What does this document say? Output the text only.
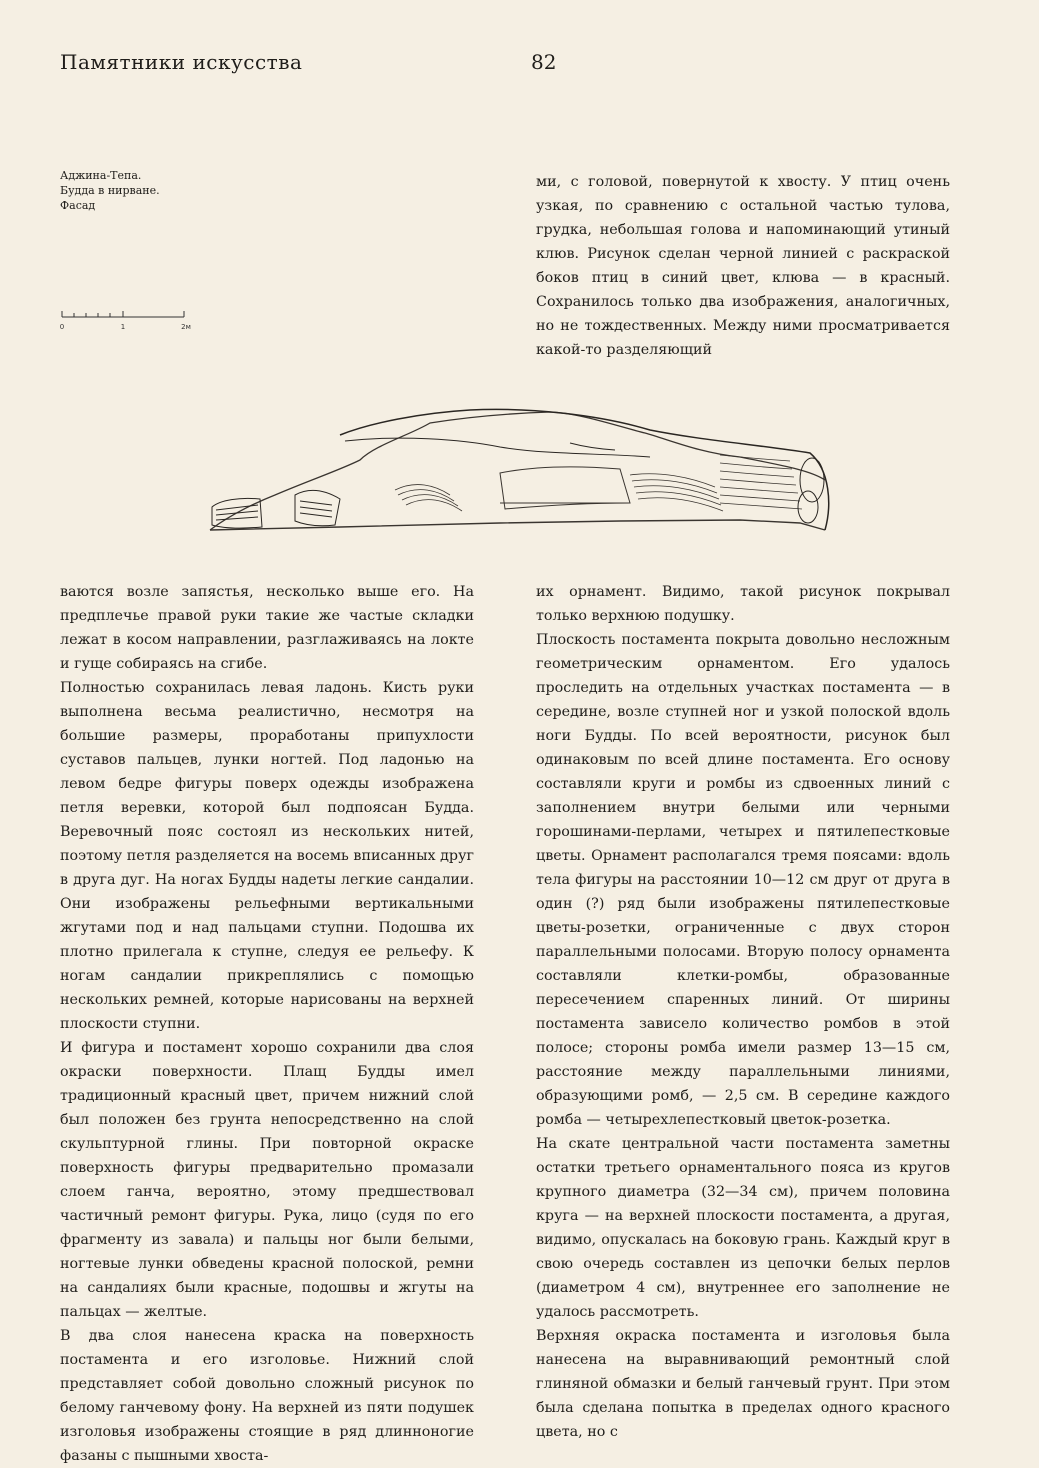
Памятники искусства	82
Аджина-Тепа.
Будда в нирване.
Фасад
0	1	2м

ми, с головой, повернутой к хвосту. У птиц очень узкая, по сравнению с остальной частью тулова, грудка, небольшая голова и напоминающий утиный клюв. Рисунок сделан черной линией с раскраской боков птиц в синий цвет, клюва — в красный. Сохранилось только два изображения, аналогичных, но не тождественных. Между ними просматривается какой-то разделяющий

ваются возле запястья, несколько выше его. На предплечье правой руки такие же частые складки лежат в косом направлении, разглаживаясь на локте и гуще собираясь на сгибе.

Полностью сохранилась левая ладонь. Кисть руки выполнена весьма реалистично, несмотря на большие размеры, проработаны припухлости суставов пальцев, лунки ногтей. Под ладонью на левом бедре фигуры поверх одежды изображена петля веревки, которой был подпоясан Будда. Веревочный пояс состоял из нескольких нитей, поэтому петля разделяется на восемь вписанных друг в друга дуг. На ногах Будды надеты легкие сандалии. Они изображены рельефными вертикальными жгутами под и над пальцами ступни. Подошва их плотно прилегала к ступне, следуя ее рельефу. К ногам сандалии прикреплялись с помощью нескольких ремней, которые нарисованы на верхней плоскости ступни.

И фигура и постамент хорошо сохранили два слоя окраски поверхности. Плащ Будды имел традиционный красный цвет, причем нижний слой был положен без грунта непосредственно на слой скульптурной глины. При повторной окраске поверхность фигуры предварительно промазали слоем ганча, вероятно, этому предшествовал частичный ремонт фигуры. Рука, лицо (судя по его фрагменту из завала) и пальцы ног были белыми, ногтевые лунки обведены красной полоской, ремни на сандалиях были красные, подошвы и жгуты на пальцах — желтые.

В два слоя нанесена краска на поверхность постамента и его изголовье. Нижний слой представляет собой довольно сложный рисунок по белому ганчевому фону. На верхней из пяти подушек изголовья изображены стоящие в ряд длинноногие фазаны с пышными хвоста-

их орнамент. Видимо, такой рисунок покрывал только верхнюю подушку.

Плоскость постамента покрыта довольно несложным геометрическим орнаментом. Его удалось проследить на отдельных участках постамента — в середине, возле ступней ног и узкой полоской вдоль ноги Будды. По всей вероятности, рисунок был одинаковым по всей длине постамента. Его основу составляли круги и ромбы из сдвоенных линий с заполнением внутри белыми или черными горошинами-перлами, четырех и пятилепестковые цветы. Орнамент располагался тремя поясами: вдоль тела фигуры на расстоянии 10—12 см друг от друга в один (?) ряд были изображены пятилепестковые цветы-розетки, ограниченные с двух сторон параллельными полосами. Вторую полосу орнамента составляли клетки-ромбы, образованные пересечением спаренных линий. От ширины постамента зависело количество ромбов в этой полосе; стороны ромба имели размер 13—15 см, расстояние между параллельными линиями, образующими ромб, — 2,5 см. В середине каждого ромба — четырехлепестковый цветок-розетка.

На скате центральной части постамента заметны остатки третьего орнаментального пояса из кругов крупного диаметра (32—34 см), причем половина круга — на верхней плоскости постамента, а другая, видимо, опускалась на боковую грань. Каждый круг в свою очередь составлен из цепочки белых перлов (диаметром 4 см), внутреннее его заполнение не удалось рассмотреть.

Верхняя окраска постамента и изголовья была нанесена на выравнивающий ремонтный слой глиняной обмазки и белый ганчевый грунт. При этом была сделана попытка в пределах одного красного цвета, но с
